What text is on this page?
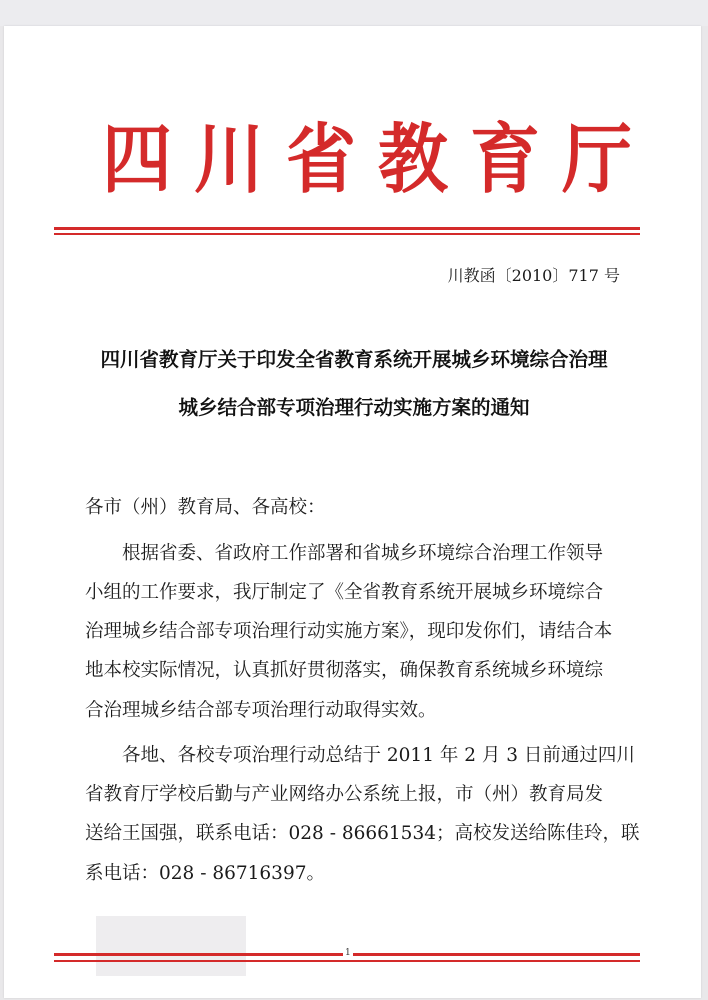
四川省教育厅
川教函〔2010〕717 号
四川省教育厅关于印发全省教育系统开展城乡环境综合治理
城乡结合部专项治理行动实施方案的通知
各市（州）教育局、各高校：
根据省委、省政府工作部署和省城乡环境综合治理工作领导
小组的工作要求，我厅制定了《全省教育系统开展城乡环境综合
治理城乡结合部专项治理行动实施方案》，现印发你们，请结合本
地本校实际情况，认真抓好贯彻落实，确保教育系统城乡环境综
合治理城乡结合部专项治理行动取得实效。
各地、各校专项治理行动总结于 2011 年 2 月 3 日前通过四川
省教育厅学校后勤与产业网络办公系统上报，市（州）教育局发
送给王国强，联系电话：028 - 86661534；高校发送给陈佳玲，联
系电话：028 - 86716397。
1
